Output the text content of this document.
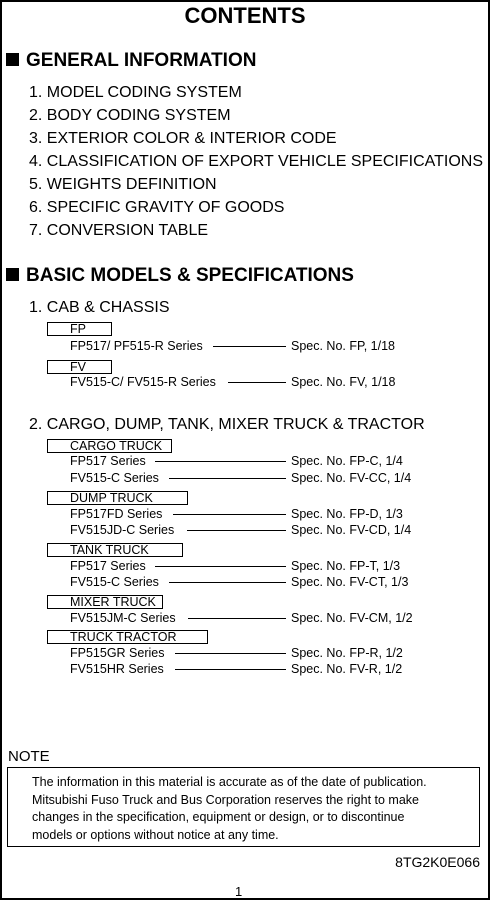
CONTENTS
GENERAL INFORMATION
1. MODEL CODING SYSTEM
2. BODY CODING SYSTEM
3. EXTERIOR COLOR & INTERIOR CODE
4. CLASSIFICATION OF EXPORT VEHICLE SPECIFICATIONS
5. WEIGHTS DEFINITION
6. SPECIFIC GRAVITY OF GOODS
7. CONVERSION TABLE
BASIC MODELS & SPECIFICATIONS
1. CAB & CHASSIS
FP
FP517/ PF515-R Series	Spec. No. FP, 1/18
FV
FV515-C/ FV515-R Series	Spec. No. FV, 1/18
2. CARGO, DUMP, TANK, MIXER TRUCK & TRACTOR
CARGO TRUCK
FP517 Series	Spec. No. FP-C, 1/4
FV515-C Series	Spec. No. FV-CC, 1/4
DUMP TRUCK
FP517FD Series	Spec. No. FP-D, 1/3
FV515JD-C Series	Spec. No. FV-CD, 1/4
TANK TRUCK
FP517 Series	Spec. No. FP-T, 1/3
FV515-C Series	Spec. No. FV-CT, 1/3
MIXER TRUCK
FV515JM-C Series	Spec. No. FV-CM, 1/2
TRUCK TRACTOR
FP515GR Series	Spec. No. FP-R, 1/2
FV515HR Series	Spec. No. FV-R, 1/2
NOTE
The information in this material is accurate as of the date of publication.
Mitsubishi Fuso Truck and Bus Corporation reserves the right to make
changes in the specification, equipment or design, or to discontinue
models or options without notice at any time.
8TG2K0E066
1
